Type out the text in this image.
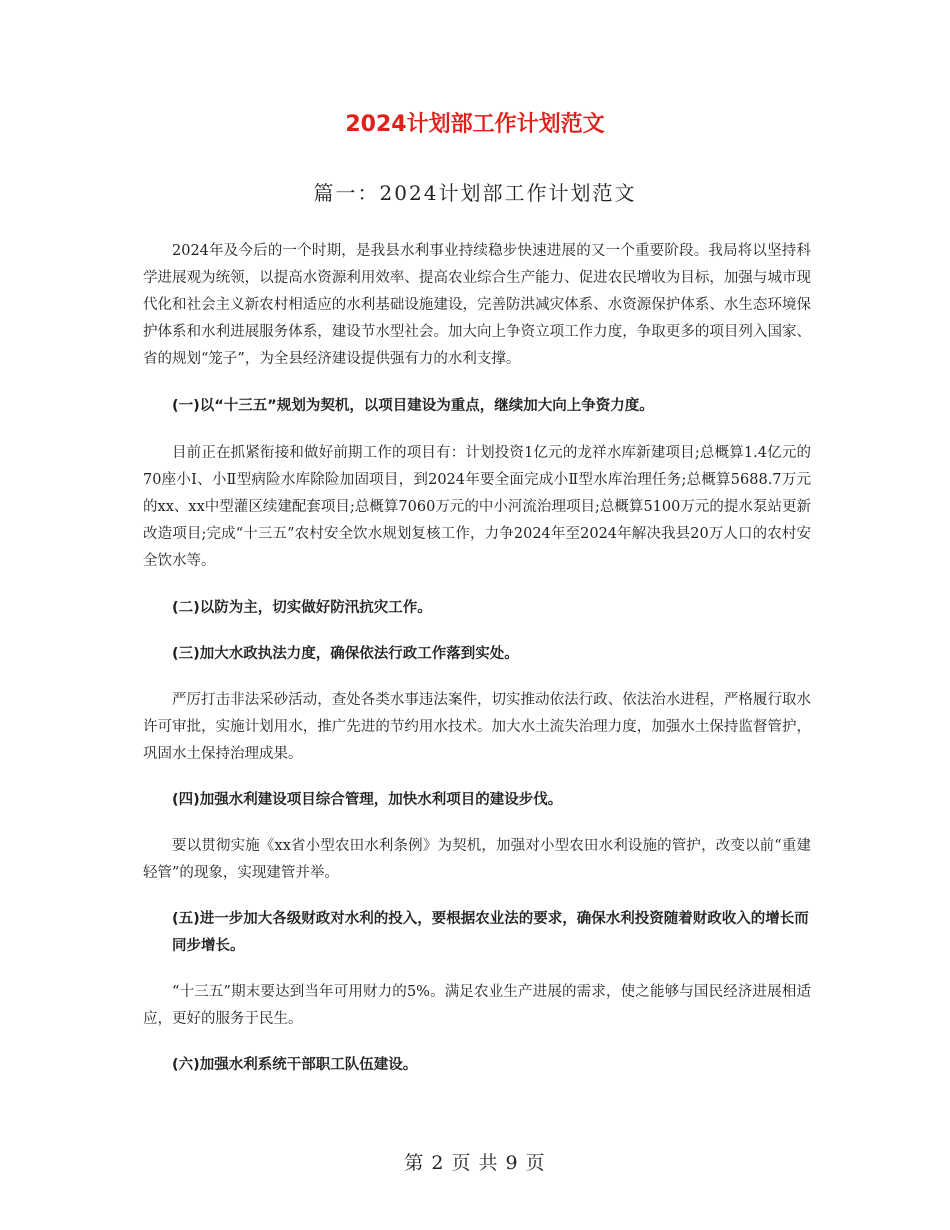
2024计划部工作计划范文
篇一：2024计划部工作计划范文

2024年及今后的一个时期，是我县水利事业持续稳步快速进展的又一个重要阶段。我局将以坚持科学进展观为统领，以提高水资源利用效率、提高农业综合生产能力、促进农民增收为目标，加强与城市现代化和社会主义新农村相适应的水利基础设施建设，完善防洪减灾体系、水资源保护体系、水生态环境保护体系和水利进展服务体系，建设节水型社会。加大向上争资立项工作力度，争取更多的项目列入国家、省的规划“笼子”，为全县经济建设提供强有力的水利支撑。

(一)以“十三五”规划为契机，以项目建设为重点，继续加大向上争资力度。

目前正在抓紧衔接和做好前期工作的项目有：计划投资1亿元的龙祥水库新建项目;总概算1.4亿元的70座小Ⅰ、小Ⅱ型病险水库除险加固项目，到2024年要全面完成小Ⅱ型水库治理任务;总概算5688.7万元的xx、xx中型灌区续建配套项目;总概算7060万元的中小河流治理项目;总概算5100万元的提水泵站更新改造项目;完成“十三五”农村安全饮水规划复核工作，力争2024年至2024年解决我县20万人口的农村安全饮水等。

(二)以防为主，切实做好防汛抗灾工作。

(三)加大水政执法力度，确保依法行政工作落到实处。

严厉打击非法采砂活动，查处各类水事违法案件，切实推动依法行政、依法治水进程，严格履行取水许可审批，实施计划用水，推广先进的节约用水技术。加大水土流失治理力度，加强水土保持监督管护，巩固水土保持治理成果。

(四)加强水利建设项目综合管理，加快水利项目的建设步伐。

要以贯彻实施《xx省小型农田水利条例》为契机，加强对小型农田水利设施的管护，改变以前“重建轻管”的现象，实现建管并举。

(五)进一步加大各级财政对水利的投入，要根据农业法的要求，确保水利投资随着财政收入的增长而同步增长。

“十三五”期末要达到当年可用财力的5%。满足农业生产进展的需求，使之能够与国民经济进展相适应，更好的服务于民生。

(六)加强水利系统干部职工队伍建设。

第 2 页 共 9 页
